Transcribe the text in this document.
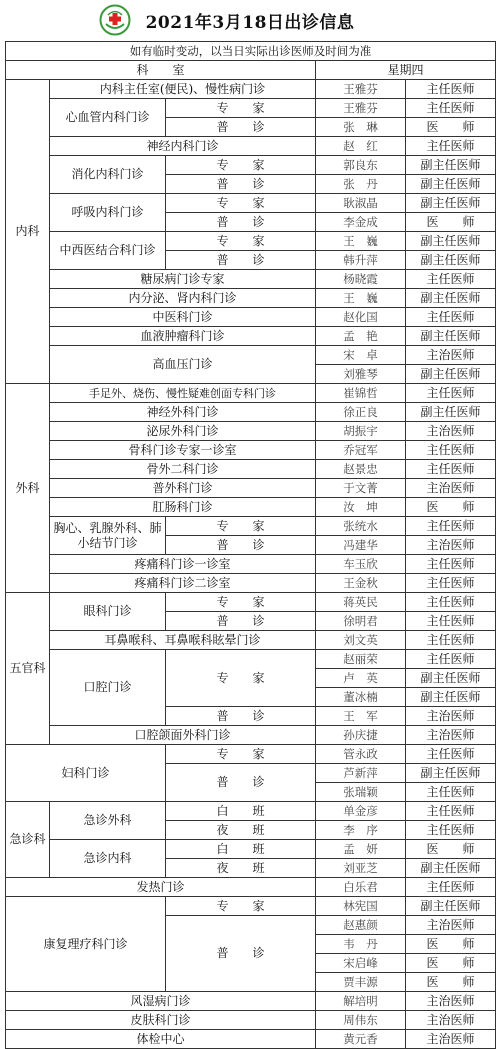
2021年3月18日出诊信息
如有临时变动，以当日实际出诊医师及时间为准				
科　　室			星期四	
内科	内科主任室(便民)、慢性病门诊		王雅芬	主任医师
	心血管内科门诊	专　　家	王雅芬	主任医师
		普　　诊	张　琳	医　　师
	神经内科门诊		赵　红	主任医师
	消化内科门诊	专　　家	郭良东	副主任医师
		普　　诊	张　丹	副主任医师
	呼吸内科门诊	专　　家	耿淑晶	副主任医师
		普　　诊	李金成	医　　师
	中西医结合科门诊	专　　家	王　巍	副主任医师
		普　　诊	韩升萍	副主任医师
	糖尿病门诊专家		杨晓霞	主任医师
	内分泌、肾内科门诊		王　巍	副主任医师
	中医科门诊		赵化国	主任医师
	血液肿瘤科门诊		孟　艳	副主任医师
	高血压门诊		宋　卓	主治医师
			刘雅琴	副主任医师
外科	手足外、烧伤、慢性疑难创面专科门诊		崔锦哲	主任医师
	神经外科门诊		徐正良	副主任医师
	泌尿外科门诊		胡振宇	主治医师
	骨科门诊专家一诊室		乔冠军	主任医师
	骨外二科门诊		赵景忠	主任医师
	普外科门诊		于文菁	主治医师
	肛肠科门诊		汝　坤	医　　师
	胸心、乳腺外科、肺小结节门诊	专　　家	张统水	主任医师
		普　　诊	冯建华	主治医师
	疼痛科门诊一诊室		车玉欣	主任医师
	疼痛科门诊二诊室		王金秋	主任医师
五官科	眼科门诊	专　　家	蒋英民	主任医师
		普　　诊	徐明君	主任医师
	耳鼻喉科、耳鼻喉科眩晕门诊		刘文英	主任医师
	口腔门诊	专　　家	赵丽荣	主任医师
			卢　英	副主任医师
			董冰楠	副主任医师
		普　　诊	王　军	主治医师
	口腔颌面外科门诊		孙庆捷	主治医师
妇科门诊		专　　家	管永政	主任医师
		普　　诊	芦新萍	副主任医师
			张瑞颖	主任医师
急诊科	急诊外科	白　　班	单金彦	主任医师
		夜　　班	李　序	主任医师
	急诊内科	白　　班	孟　妍	医　　师
		夜　　班	刘亚芝	副主任医师
发热门诊			白乐君	主任医师
康复理疗科门诊		专　　家	林宪国	副主任医师
		普　　诊	赵惠颜	主治医师
			韦　丹	医　　师
			宋启峰	医　　师
			贾丰源	医　　师
风湿病门诊			解培明	主治医师
皮肤科门诊			周伟东	主治医师
体检中心			黄元香	主治医师
